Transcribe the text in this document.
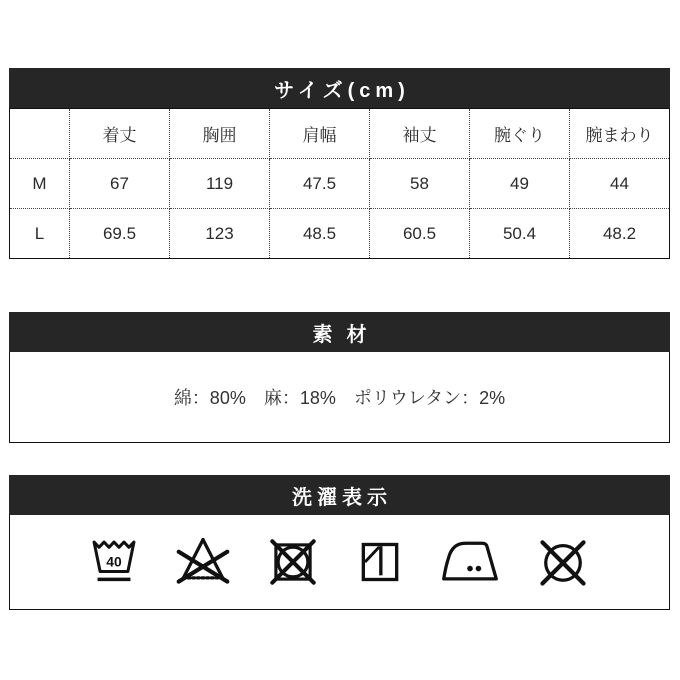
サイズ(cm)
	着丈	胸囲	肩幅	袖丈	腕ぐり	腕まわり
M	67	119	47.5	58	49	44
L	69.5	123	48.5	60.5	50.4	48.2
素材
綿：80%　麻：18%　ポリウレタン：2%
洗濯表示
40
